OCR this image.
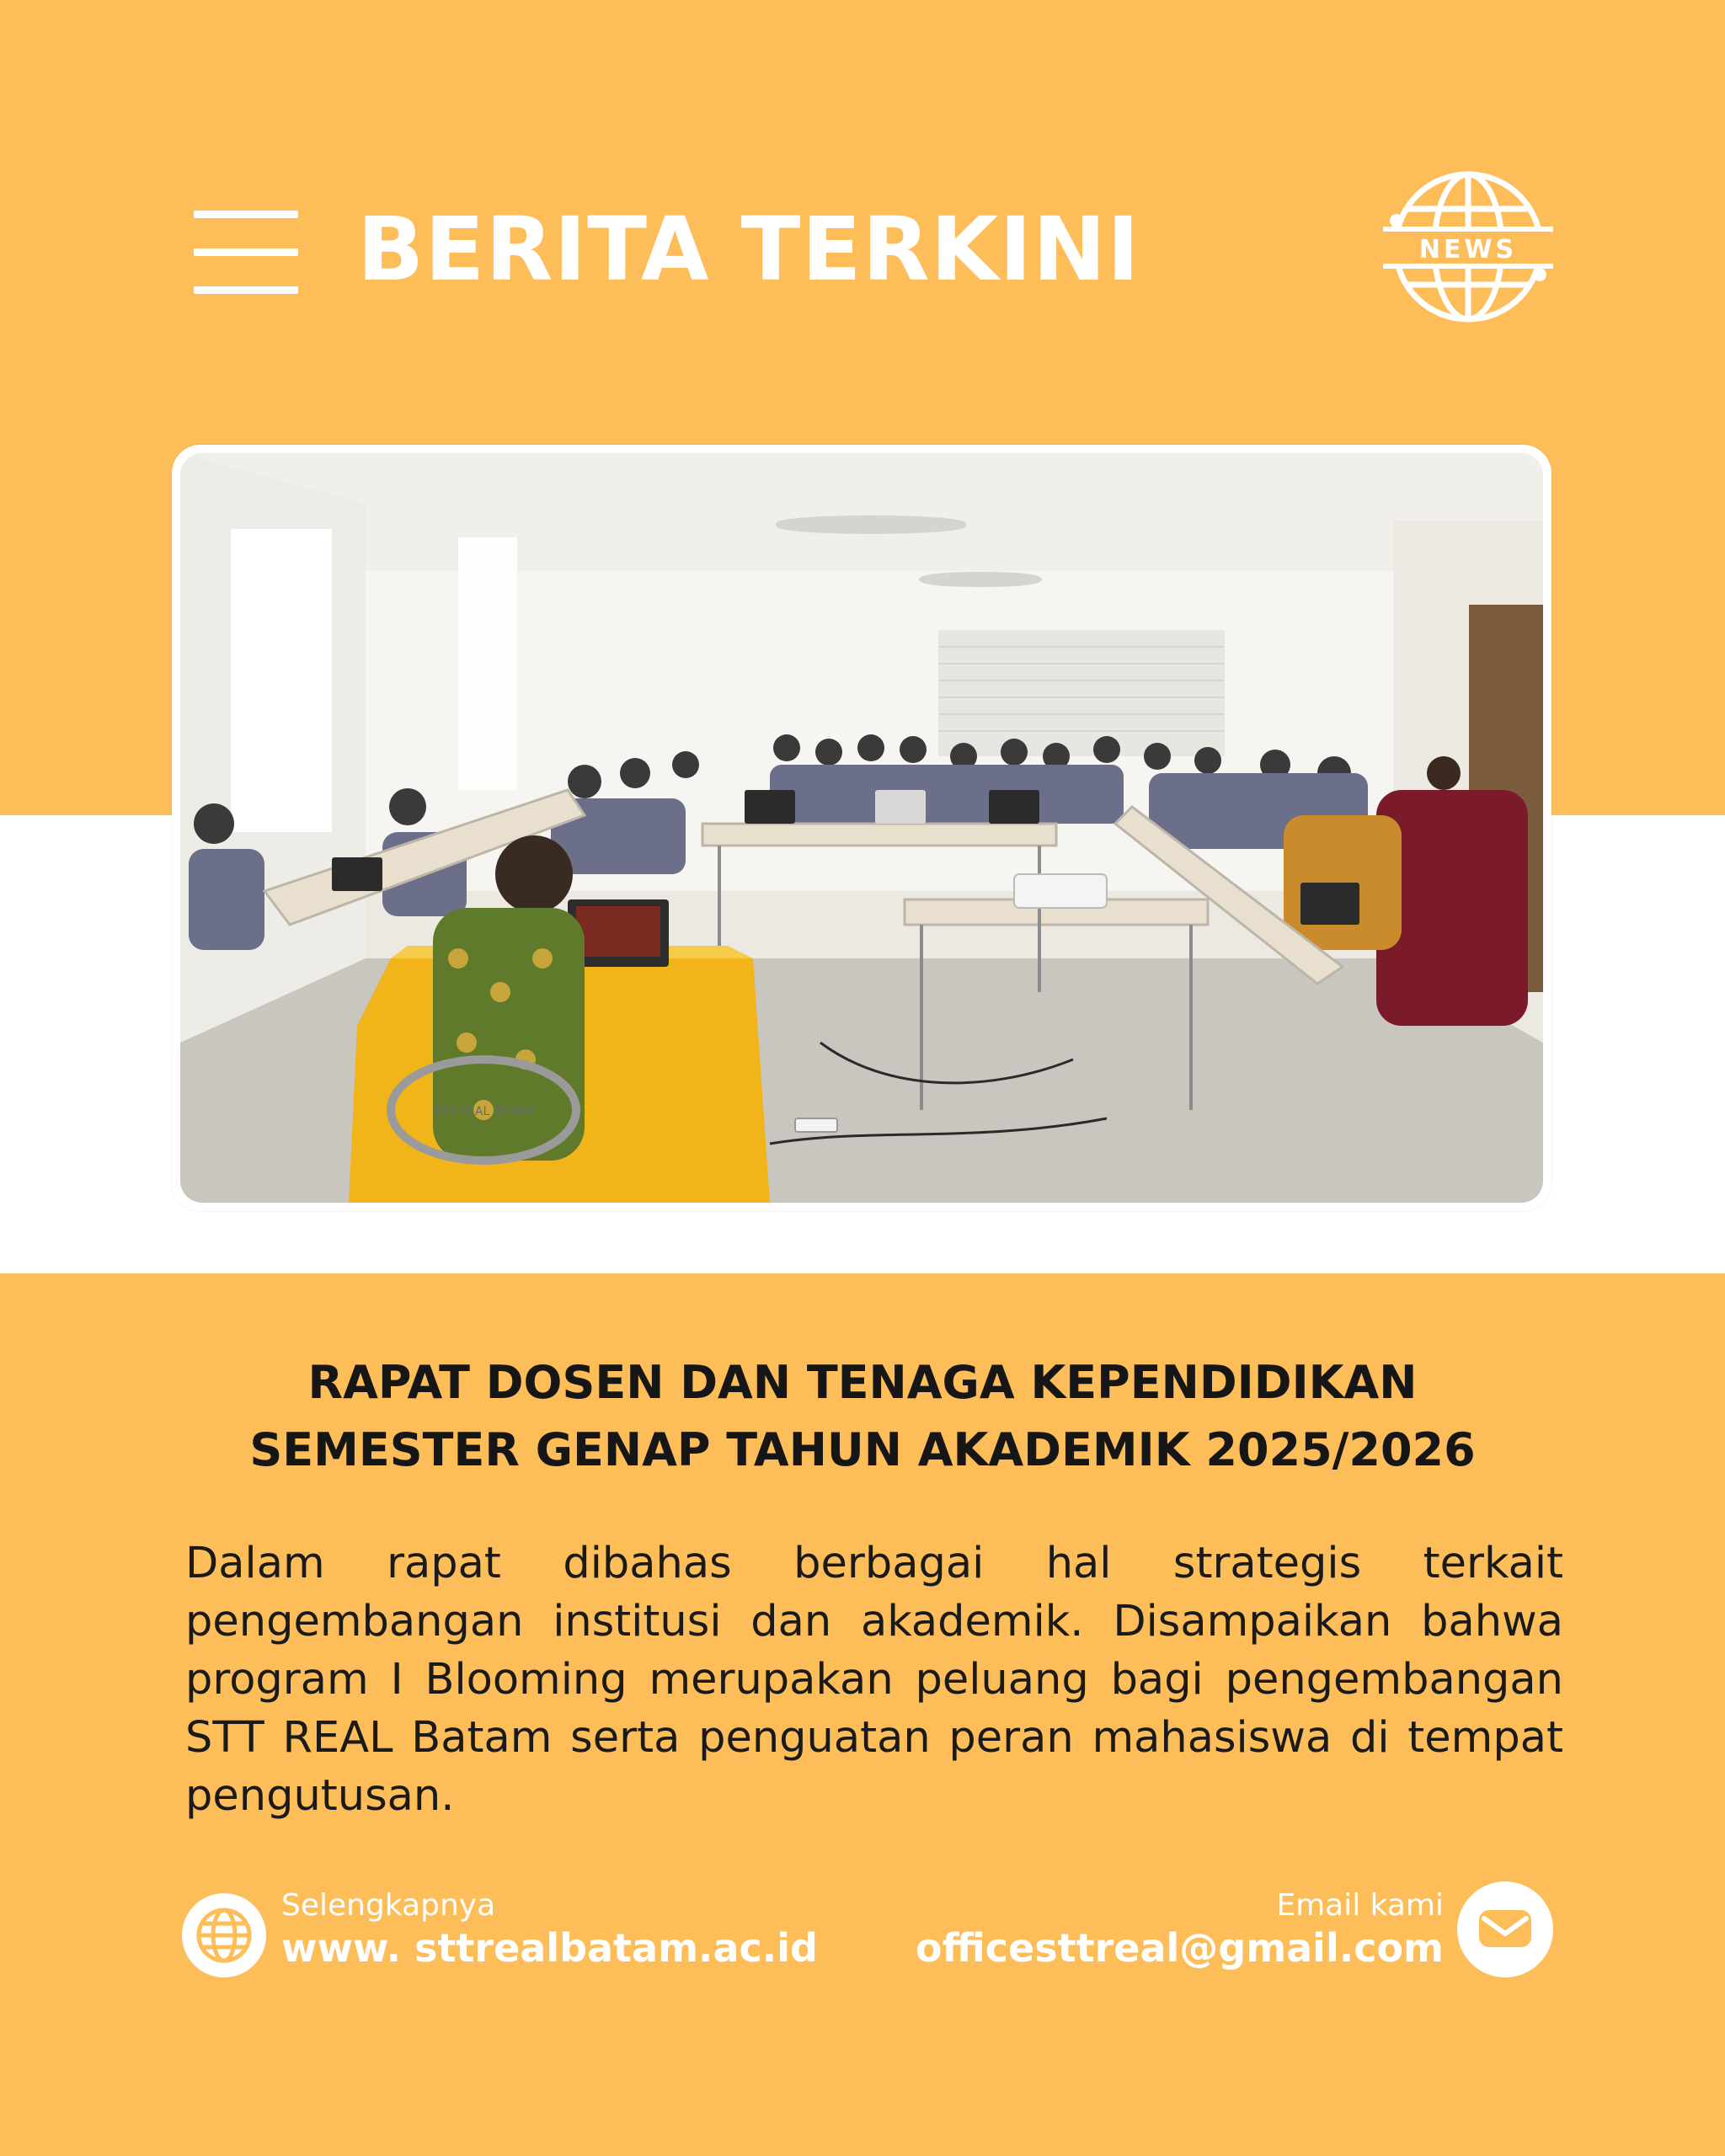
BERITA TERKINI	NEWS
STT REAL BATAM
RAPAT DOSEN DAN TENAGA KEPENDIDIKAN
SEMESTER GENAP TAHUN AKADEMIK 2025/2026
Dalam rapat dibahas berbagai hal strategis terkait pengembangan institusi dan akademik. Disampaikan bahwa program I Blooming merupakan peluang bagi pengembangan STT REAL Batam serta penguatan peran mahasiswa di tempat pengutusan.
Selengkapnya
www. sttrealbatam.ac.id
Email kami
officesttreal@gmail.com
